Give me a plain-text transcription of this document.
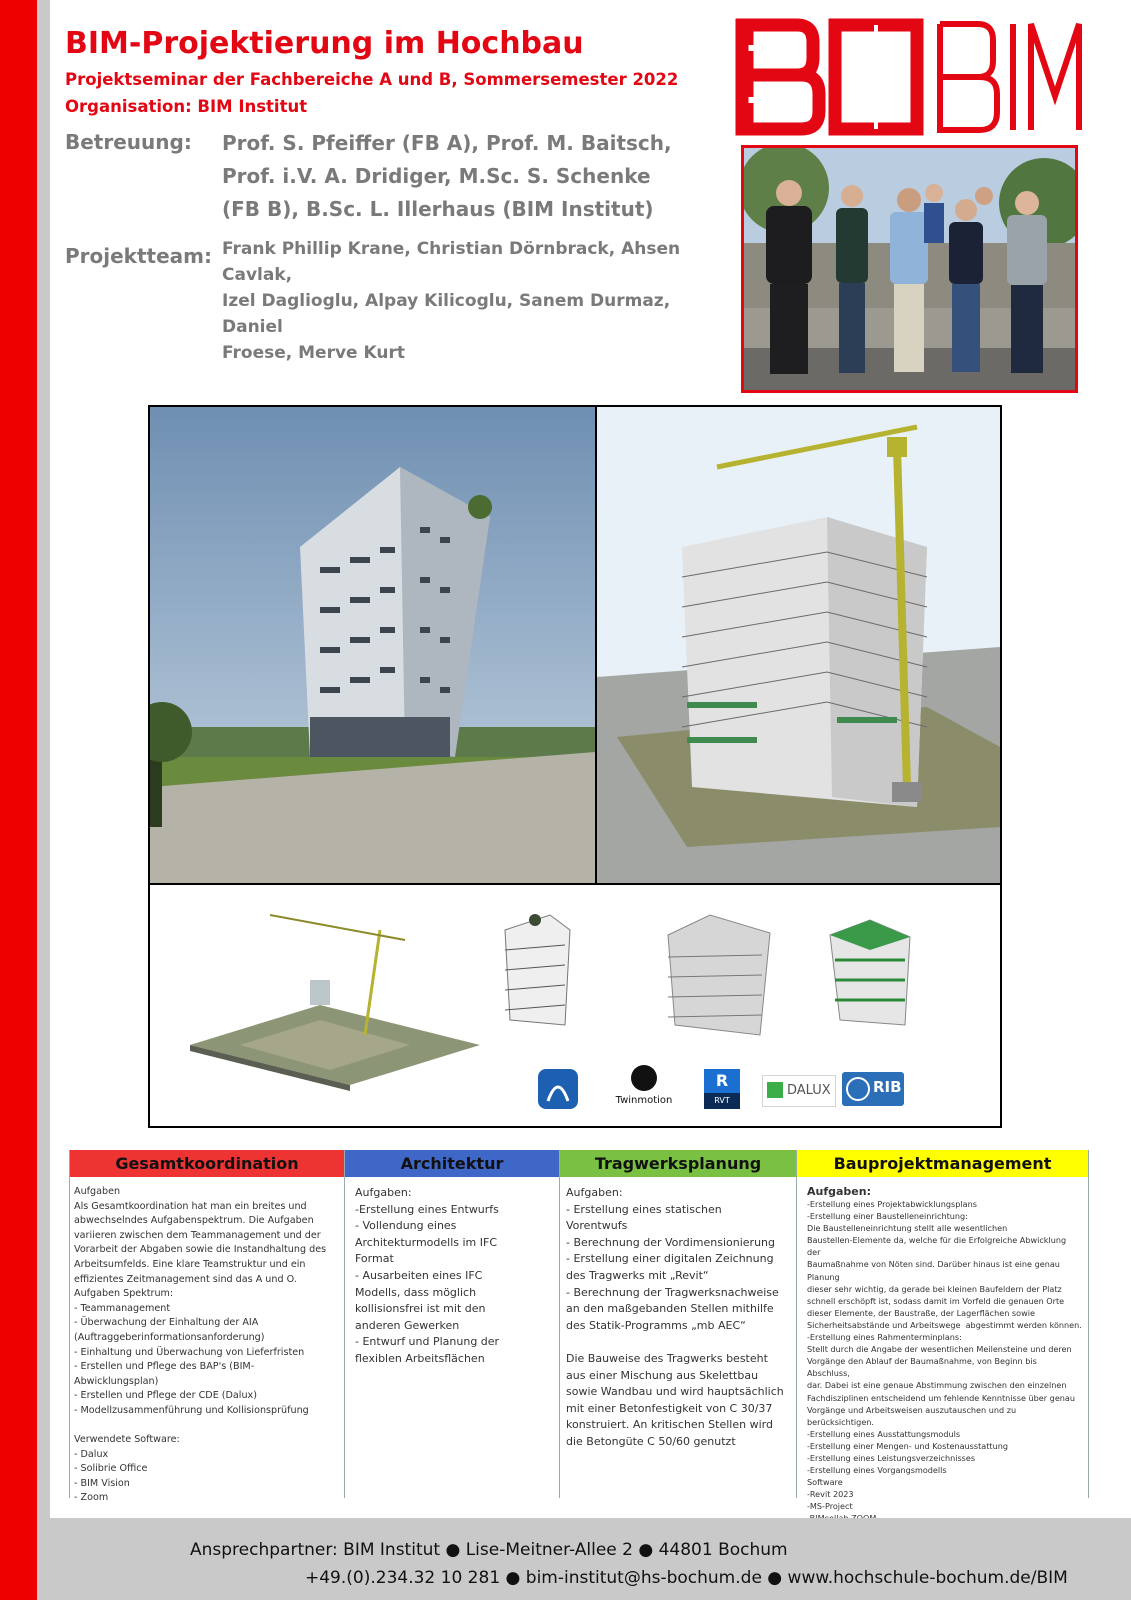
BIM-Projektierung im Hochbau
Projektseminar der Fachbereiche A und B, Sommersemester 2022
Organisation: BIM Institut
Betreuung: Prof. S. Pfeiffer (FB A), Prof. M. Baitsch,
Prof. i.V. A. Dridiger, M.Sc. S. Schenke
(FB B), B.Sc. L. Illerhaus (BIM Institut)
Projektteam: Frank Phillip Krane, Christian Dörnbrack, Ahsen Cavlak,
Izel Daglioglu, Alpay Kilicoglu, Sanem Durmaz, Daniel
Froese, Merve Kurt
Twinmotion
R
RVT
DALUX	RIB
Gesamtkoordination
Aufgaben
Als Gesamtkoordination hat man ein breites und
abwechselndes Aufgabenspektrum. Die Aufgaben
variieren zwischen dem Teammanagement und der
Vorarbeit der Abgaben sowie die Instandhaltung des
Arbeitsumfelds. Eine klare Teamstruktur und ein
effizientes Zeitmanagement sind das A und O.
Aufgaben Spektrum:
- Teammanagement
- Überwachung der Einhaltung der AIA
(Auftraggeberinformationsanforderung)
- Einhaltung und Überwachung von Lieferfristen
- Erstellen und Pflege des BAP's (BIM-Abwicklungsplan)
- Erstellen und Pflege der CDE (Dalux)
- Modellzusammenführung und Kollisionsprüfung

Verwendete Software:
- Dalux
- Solibrie Office
- BIM Vision
- Zoom
Architektur
Aufgaben:
-Erstellung eines Entwurfs
- Vollendung eines
Architekturmodells im IFC
Format
- Ausarbeiten eines IFC
Modells, dass möglich
kollisionsfrei ist mit den
anderen Gewerken
- Entwurf und Planung der
flexiblen Arbeitsflächen
Tragwerksplanung
Aufgaben:
- Erstellung eines statischen
Vorentwufs
- Berechnung der Vordimensionierung
- Erstellung einer digitalen Zeichnung
des Tragwerks mit „Revit“
- Berechnung der Tragwerksnachweise
an den maßgebanden Stellen mithilfe
des Statik-Programms „mb AEC“

Die Bauweise des Tragwerks besteht
aus einer Mischung aus Skelettbau
sowie Wandbau und wird hauptsächlich
mit einer Betonfestigkeit von C 30/37
konstruiert. An kritischen Stellen wird
die Betongüte C 50/60 genutzt
Bauprojektmanagement
Aufgaben:
-Erstellung eines Projektabwicklungsplans
-Erstellung einer Baustelleneinrichtung:
Die Baustelleneinrichtung stellt alle wesentlichen
Baustellen-Elemente da, welche für die Erfolgreiche Abwicklung der
Baumaßnahme von Nöten sind. Darüber hinaus ist eine genau Planung
dieser sehr wichtig, da gerade bei kleinen Baufeldern der Platz
schnell erschöpft ist, sodass damit im Vorfeld die genauen Orte
dieser Elemente, der Baustraße, der Lagerflächen sowie
Sicherheitsabstände und Arbeitswege  abgestimmt werden können.
-Erstellung eines Rahmenterminplans:
Stellt durch die Angabe der wesentlichen Meilensteine und deren
Vorgänge den Ablauf der Baumaßnahme, von Beginn bis Abschluss,
dar. Dabei ist eine genaue Abstimmung zwischen den einzelnen
Fachdisziplinen entscheidend um fehlende Kenntnisse über genau
Vorgänge und Arbeitsweisen auszutauschen und zu berücksichtigen.
-Erstellung eines Ausstattungsmoduls
-Erstellung einer Mengen- und Kostenausstattung
-Erstellung eines Leistungsverzeichnisses
-Erstellung eines Vorgangsmodells
Software
-Revit 2023
-MS-Project

Ansprechpartner: BIM Institut ● Lise-Meitner-Allee 2 ● 44801 Bochum
+49.(0).234.32 10 281 ● bim-institut@hs-bochum.de ● www.hochschule-bochum.de/BIM
